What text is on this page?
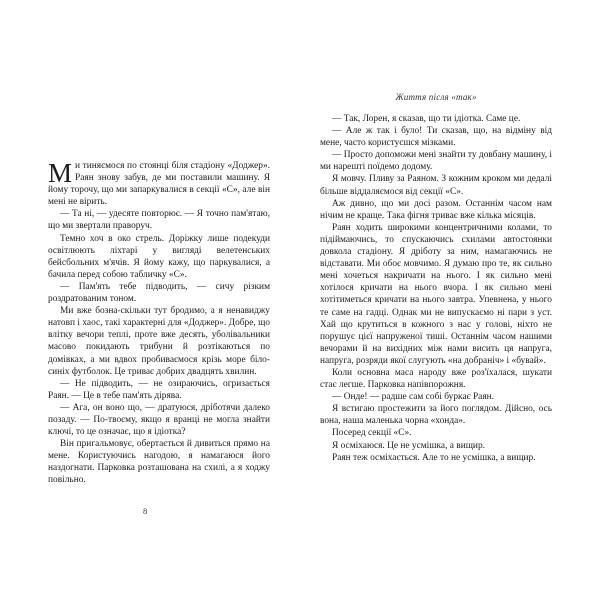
Ми тиняємося по стоянці біля стадіону «Доджер». Раян знову забув, де ми поставили машину. Я йому торочу, що ми запаркувалися в секції «С», але він мені не вірить.

— Та ні, — удесяте повторює. — Я точно пам'ятаю, що ми звертали праворуч.

Темно хоч в око стрель. Доріжку лише подекуди освітлюють ліхтарі у вигляді велетенських бейсбольних м'ячів. Я йому кажу, що паркувалися, а бачила перед собою табличку «С».

— Пам'ять тебе підводить, — сичу різким роздратованим тоном.

Ми вже бозна-скільки тут бродимо, а я ненавиджу натовп і хаос, такі характерні для «Доджер». Добре, що влітку вечори теплі, проте вже десять, уболівальники масово покидають трибуни й розтікаються по домівках, а ми вдвох пробиваємося крізь море біло-синіх футболок. Це триває добрих двадцять хвилин.

— Не підводить, — не озираючись, огризається Раян. — Це в тебе пам'ять дірява.

— Ага, он воно що, — дратуюся, дріботячи далеко позаду. — По-твоєму, якщо я вранці не могла знайти ключі, то це означає, що я ідіотка?

Він пригальмовує, обертається й дивиться прямо на мене. Користуючись нагодою, я намагаюся його наздогнати. Парковка розташована на схилі, а я ходжу повільно.

8
Життя після «так»

— Так, Лорен, я сказав, що ти ідіотка. Саме це.

— Але ж так і було! Ти сказав, що, на відміну від мене, часто користуєшся мізками.

— Просто допоможи мені знайти ту довбану машину, і ми нарешті поїдемо додому.

Я мовчу. Пливу за Раяном. З кожним кроком ми дедалі більше віддаляємося від секції «С».

Аж дивно, що ми досі разом. Останнім часом нам нічим не краще. Така фігня триває вже кілька місяців.

Раян ходить широкими концентричними колами, то підіймаючись, то спускаючись схилами автостоянки довкола стадіону. Я дріботу за ним, намагаючись не відставати. Ми обоє мовчимо. Я думаю про те, як сильно мені хочеться накричати на нього. І як сильно мені хотілося кричати на нього вчора. І як сильно мені хотітиметься кричати на нього завтра. Упевнена, у нього те саме на гадці. Однак ми не випускаємо ні пари з уст. Хай що крутиться в кожного з нас у голові, ніхто не порушує цієї напруженої тиші. Останнім часом нашими вечорами й на вихідних між нами висить ця напруга, напруга, розряди якої слугують «на добраніч» і «бувай».

Коли основна маса народу вже роз'їхалася, шукати стає легше. Парковка напівпорожня.

— Онде! — радше сам собі буркає Раян.

Я встигаю простежити за його поглядом. Дійсно, ось вона, наша маленька чорна «хонда».

Посеред секції «С».

Я осміхаюся. Це не усмішка, а вищир.

Раян теж осміхається. Але то не усмішка, а вищир.
